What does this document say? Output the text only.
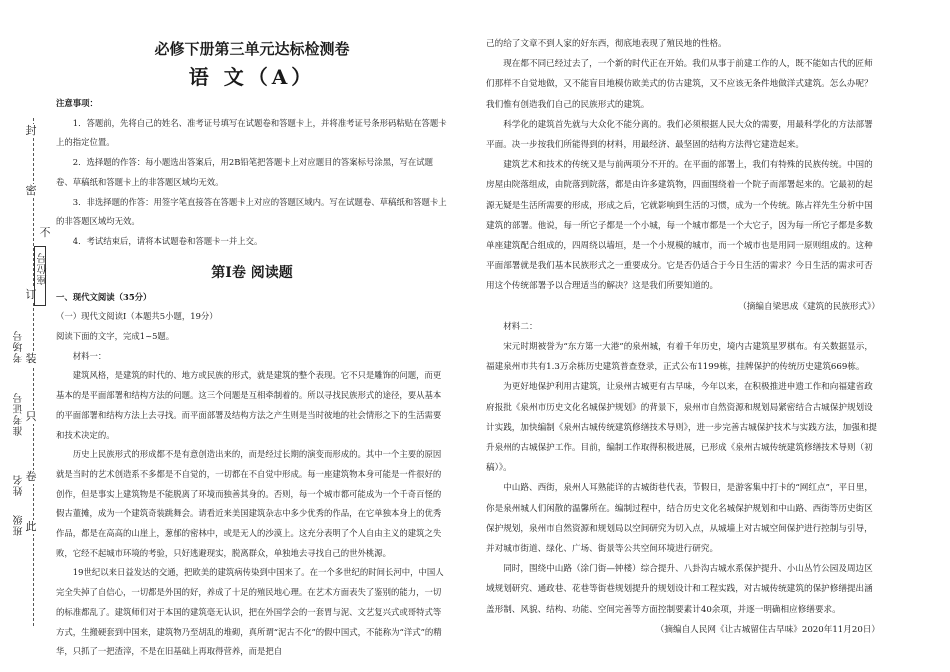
封
密
订
装
只
卷
此
不
座位号
考场号
准考证号
姓名
班级
必修下册第三单元达标检测卷
语 文（A）

注意事项：

1．答题前，先将自己的姓名、准考证号填写在试题卷和答题卡上，并将准考证号条形码粘贴在答题卡上的指定位置。

2．选择题的作答：每小题选出答案后，用2B铅笔把答题卡上对应题目的答案标号涂黑，写在试题卷、草稿纸和答题卡上的非答题区域均无效。

3．非选择题的作答：用签字笔直接答在答题卡上对应的答题区域内。写在试题卷、草稿纸和答题卡上的非答题区域均无效。

4．考试结束后，请将本试题卷和答题卡一并上交。

第Ⅰ卷 阅读题

一、现代文阅读（35分）

（一）现代文阅读Ⅰ（本题共5小题，19分）

阅读下面的文字，完成1~5题。

材料一：

建筑风格，是建筑的时代的、地方或民族的形式，就是建筑的整个表现。它不只是雕饰的问题，而更基本的是平面部署和结构方法的问题。这三个问题是互相牵制着的。所以寻找民族形式的途径，要从基本的平面部署和结构方法上去寻找。而平面部署及结构方法之产生则是当时彼地的社会情形之下的生活需要和技术决定的。

历史上民族形式的形成都不是有意创造出来的，而是经过长期的演变而形成的。其中一个主要的原因就是当时的艺术创造系不多都是不自觉的，一切都在不自觉中形成。每一座建筑物本身可能是一件很好的创作，但是事实上建筑物是不能脱离了环境而独善其身的。否则，每一个城市都可能成为一个千奇百怪的假古董摊，成为一个建筑奇装跳舞会。请看近来美国建筑杂志中多少优秀的作品，在它单独本身上的优秀作品，都是在高高的山崖上，葱郁的密林中，或是无人的沙漠上。这充分表明了个人自由主义的建筑之失败，它经不起城市环境的考验，只好逃避现实，脱离群众，单独地去寻找自己的世外桃源。

19世纪以来日益发达的交通，把欧美的建筑病传染到中国来了。在一个多世纪的时间长河中，中国人完全失掉了自信心，一切都是外国的好，养成了十足的殖民地心理。在艺术方面表失了鉴别的能力，一切的标准都乱了。建筑师们对于本国的建筑毫无认识，把在外国学会的一套胃与泥、文艺复兴式或哥特式等方式，生搬硬套到中国来，建筑物乃至胡乱的堆砌，真所谓“泥古不化”的假中国式，不能称为“洋式”的精华，只抓了一把渣滓，不是在旧基础上再取得营养，而是把自

己的给了文章不到人家的好东西，彻底地表现了殖民地的性格。

现在都不同已经过去了，一个新的时代正在开始。我们从事于前建工作的人，既不能如古代的匠师们那样不自觉地做，又不能盲目地模仿欧美式的仿古建筑，又不应该无条件地做洋式建筑。怎么办呢？我们惟有创造我们自己的民族形式的建筑。

科学化的建筑首先就与大众化不能分离的。我们必须根据人民大众的需要，用最科学化的方法部署平面。决一步按我们所能得到的材料，用最经济、最坚固的结构方法得它建造起来。

建筑艺术和技术的传统又是与前两项分不开的。在平面的部署上，我们有特殊的民族传统。中国的房屋由院落组成，由院落到院落，都是由许多建筑物，四面围绕着一个院子而部署起来的。它最初的起源无疑是生活所需要的形成，形成之后，它就影响到生活的习惯，成为一个传统。陈占祥先生分析中国建筑的部署。他说，每一所它子都是一个小城，每一个城市都是一个大它子，因为每一所它子都是多数单座建筑配合组成的，四周绕以墙垣，是一个小规模的城市，而一个城市也是用同一原则组成的。这种平面部署就是我们基本民族形式之一重要成分。它是否仍适合于今日生活的需求？今日生活的需求可否用这个传统部署予以合理适当的解决？这是我们所要知道的。

（摘编自梁思成《建筑的民族形式》）

材料二：

宋元时期被誉为“东方第一大港”的泉州城，有着千年历史，境内古建筑星罗棋布。有关数据显示，福建泉州市共有1.3万余栋历史建筑普查登录，正式公布1199栋，挂牌保护的传统历史建筑669栋。

为更好地保护利用古建筑，让泉州古城更有古早味，今年以来，在积极推进申遗工作和向福建省政府报批《泉州市历史文化名城保护规划》的背景下，泉州市自然资源和规划局紧密结合古城保护规划设计实践，加快编制《泉州古城传统建筑修缮技术导则》，进一步完善古城保护技术与实践方法，加强和提升泉州的古城保护工作。目前，编制工作取得积极进展，已形成《泉州古城传统建筑修缮技术导则（初稿）》。

中山路、西街，泉州人耳熟能详的古城街巷代表，节假日，是游客集中打卡的“网红点”，平日里，你是泉州城人们闲散的温馨所在。编制过程中，结合历史文化名城保护规划和中山路、西街等历史街区保护规划，泉州市自然资源和规划局以空间研究为切入点，从城墙上对古城空间保护进行控制与引导，并对城市街道、绿化、广场、街景等公共空间环境进行研究。

同时，围绕中山路（涂门街—钟楼）综合提升、八卦沟古城水系保护提升、小山丛竹公园及周边区域规划研究、通政巷、花巷等街巷规划提升的规划设计和工程实践，对古城传统建筑的保护修缮提出涵盖形制、风貌、结构、功能、空间完善等方面控制要素计40余项，并逐一明确相应修缮要求。

（摘编自人民网《让古城留住古早味》2020年11月20日）
